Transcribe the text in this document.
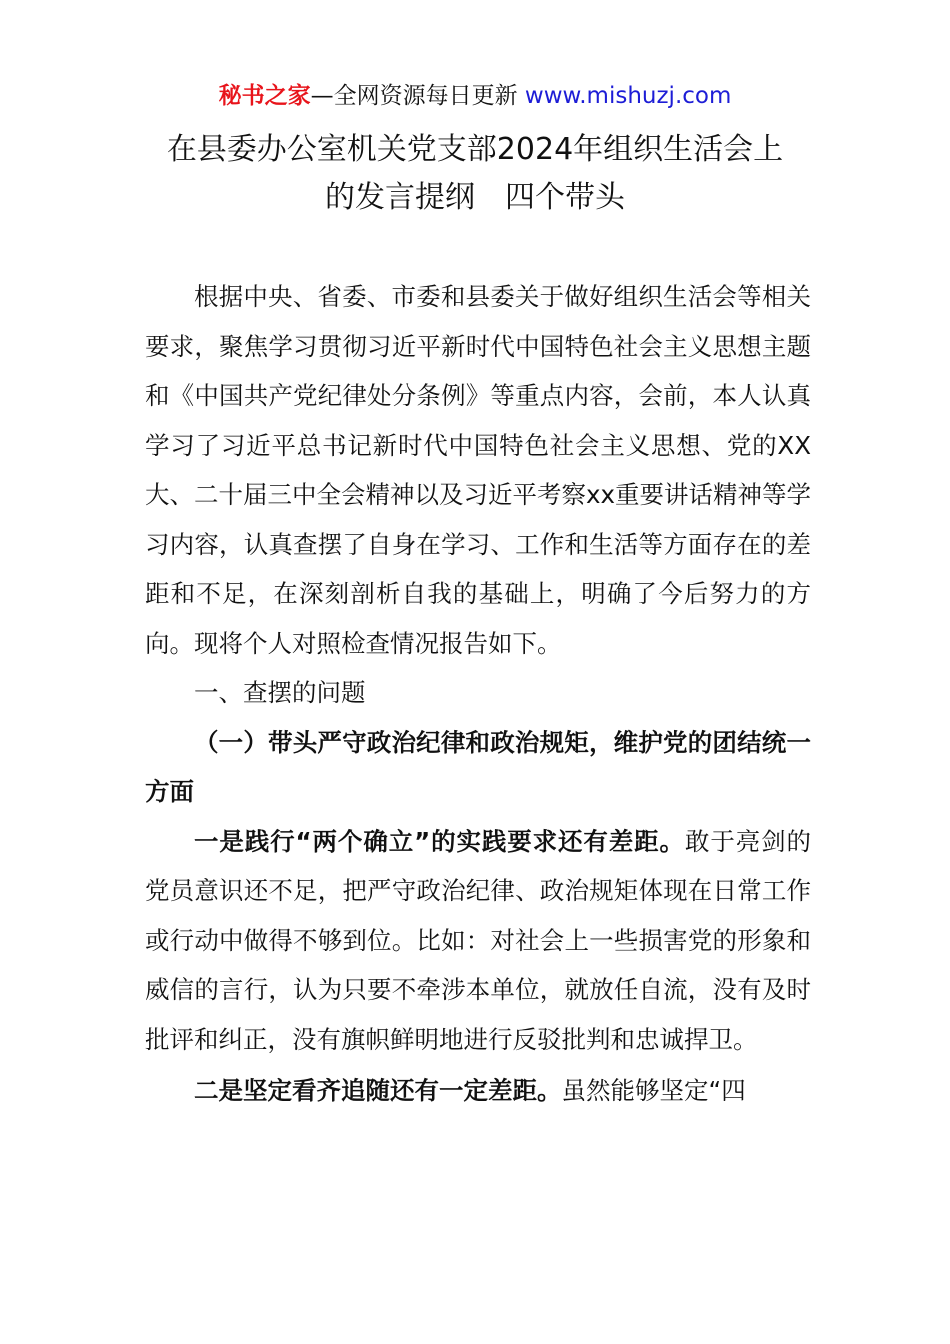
秘书之家—全网资源每日更新 www.mishuzj.com
在县委办公室机关党支部2024年组织生活会上
的发言提纲　四个带头

根据中央、省委、市委和县委关于做好组织生活会等相关要求，聚焦学习贯彻习近平新时代中国特色社会主义思想主题和《中国共产党纪律处分条例》等重点内容，会前，本人认真学习了习近平总书记新时代中国特色社会主义思想、党的XX大、二十届三中全会精神以及习近平考察xx重要讲话精神等学习内容，认真查摆了自身在学习、工作和生活等方面存在的差距和不足，在深刻剖析自我的基础上，明确了今后努力的方向。现将个人对照检查情况报告如下。

一、查摆的问题

（一）带头严守政治纪律和政治规矩，维护党的团结统一方面

一是践行“两个确立”的实践要求还有差距。敢于亮剑的党员意识还不足，把严守政治纪律、政治规矩体现在日常工作或行动中做得不够到位。比如：对社会上一些损害党的形象和威信的言行，认为只要不牵涉本单位，就放任自流，没有及时批评和纠正，没有旗帜鲜明地进行反驳批判和忠诚捍卫。

二是坚定看齐追随还有一定差距。虽然能够坚定“四
